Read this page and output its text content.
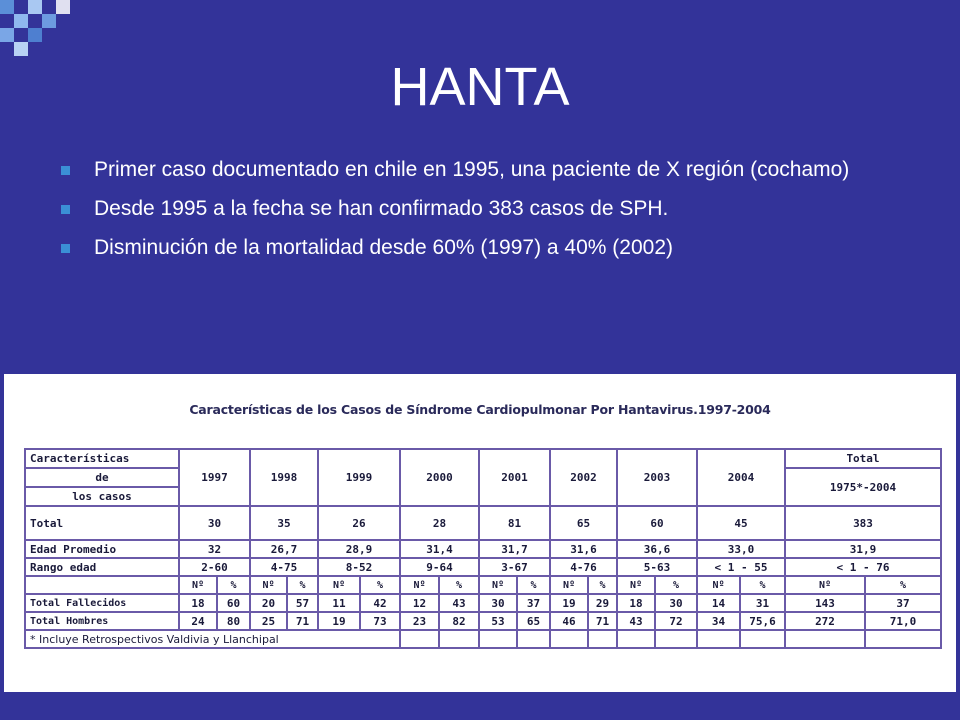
HANTA
Primer caso documentado en chile en 1995, una paciente de X región (cochamo)
Desde 1995 a la fecha se han confirmado 383 casos de SPH.
Disminución de la mortalidad desde 60% (1997) a 40% (2002)
Características de los Casos de Síndrome Cardiopulmonar Por Hantavirus.1997-2004
Características	1997		1998		1999		2000		2001		2002		2003		2004		Total	
de																	1975*-2004	
los casos																		
Total	30		35		26		28		81		65		60		45		383	
Edad Promedio	32		26,7		28,9		31,4		31,7		31,6		36,6		33,0		31,9	
Rango edad	2-60		4-75		8-52		9-64		3-67		4-76		5-63		< 1 - 55		< 1 - 76	
	Nº	%	Nº	%	Nº	%	Nº	%	Nº	%	Nº	%	Nº	%	Nº	%	Nº	%
Total Fallecidos	18	60	20	57	11	42	12	43	30	37	19	29	18	30	14	31	143	37
Total Hombres	24	80	25	71	19	73	23	82	53	65	46	71	43	72	34	75,6	272	71,0
* Incluye Retrospectivos Valdivia y Llanchipal																		
